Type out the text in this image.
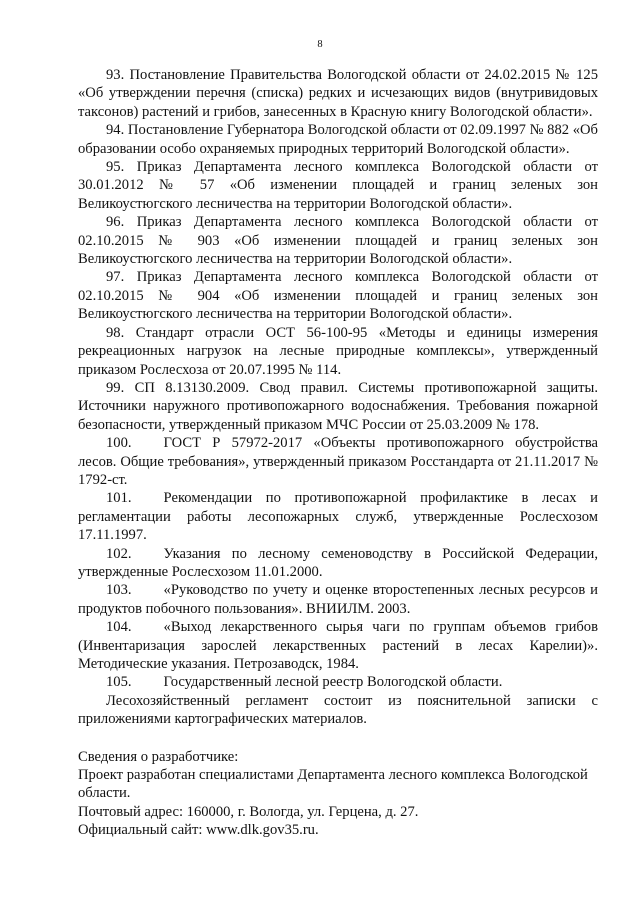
8

93. Постановление Правительства Вологодской области от 24.02.2015 № 125 «Об утверждении перечня (списка) редких и исчезающих видов (внутривидовых таксонов) растений и грибов, занесенных в Красную книгу Вологодской области».

94. Постановление Губернатора Вологодской области от 02.09.1997 № 882 «Об образовании особо охраняемых природных территорий Вологодской области».

95. Приказ Департамента лесного комплекса Вологодской области от 30.01.2012 № 57 «Об изменении площадей и границ зеленых зон Великоустюгского лесничества на территории Вологодской области».

96. Приказ Департамента лесного комплекса Вологодской области от 02.10.2015 № 903 «Об изменении площадей и границ зеленых зон Великоустюгского лесничества на территории Вологодской области».

97. Приказ Департамента лесного комплекса Вологодской области от 02.10.2015 № 904 «Об изменении площадей и границ зеленых зон Великоустюгского лесничества на территории Вологодской области».

98. Стандарт отрасли ОСТ 56-100-95 «Методы и единицы измерения рекреационных нагрузок на лесные природные комплексы», утвержденный приказом Рослесхоза от 20.07.1995 № 114.

99. СП 8.13130.2009. Свод правил. Системы противопожарной защиты. Источники наружного противопожарного водоснабжения. Требования пожарной безопасности, утвержденный приказом МЧС России от 25.03.2009 № 178.

100. ГОСТ Р 57972-2017 «Объекты противопожарного обустройства лесов. Общие требования», утвержденный приказом Росстандарта от 21.11.2017 № 1792-ст.

101. Рекомендации по противопожарной профилактике в лесах и регламентации работы лесопожарных служб, утвержденные Рослесхозом 17.11.1997.

102. Указания по лесному семеноводству в Российской Федерации, утвержденные Рослесхозом 11.01.2000.

103. «Руководство по учету и оценке второстепенных лесных ресурсов и продуктов побочного пользования». ВНИИЛМ. 2003.

104. «Выход лекарственного сырья чаги по группам объемов грибов (Инвентаризация зарослей лекарственных растений в лесах Карелии)». Методические указания. Петрозаводск, 1984.

105. Государственный лесной реестр Вологодской области.

Лесохозяйственный регламент состоит из пояснительной записки с приложениями картографических материалов.

Сведения о разработчике:

Проект разработан специалистами Департамента лесного комплекса Вологодской области.

Почтовый адрес: 160000, г. Вологда, ул. Герцена, д. 27.

Официальный сайт: www.dlk.gov35.ru.
